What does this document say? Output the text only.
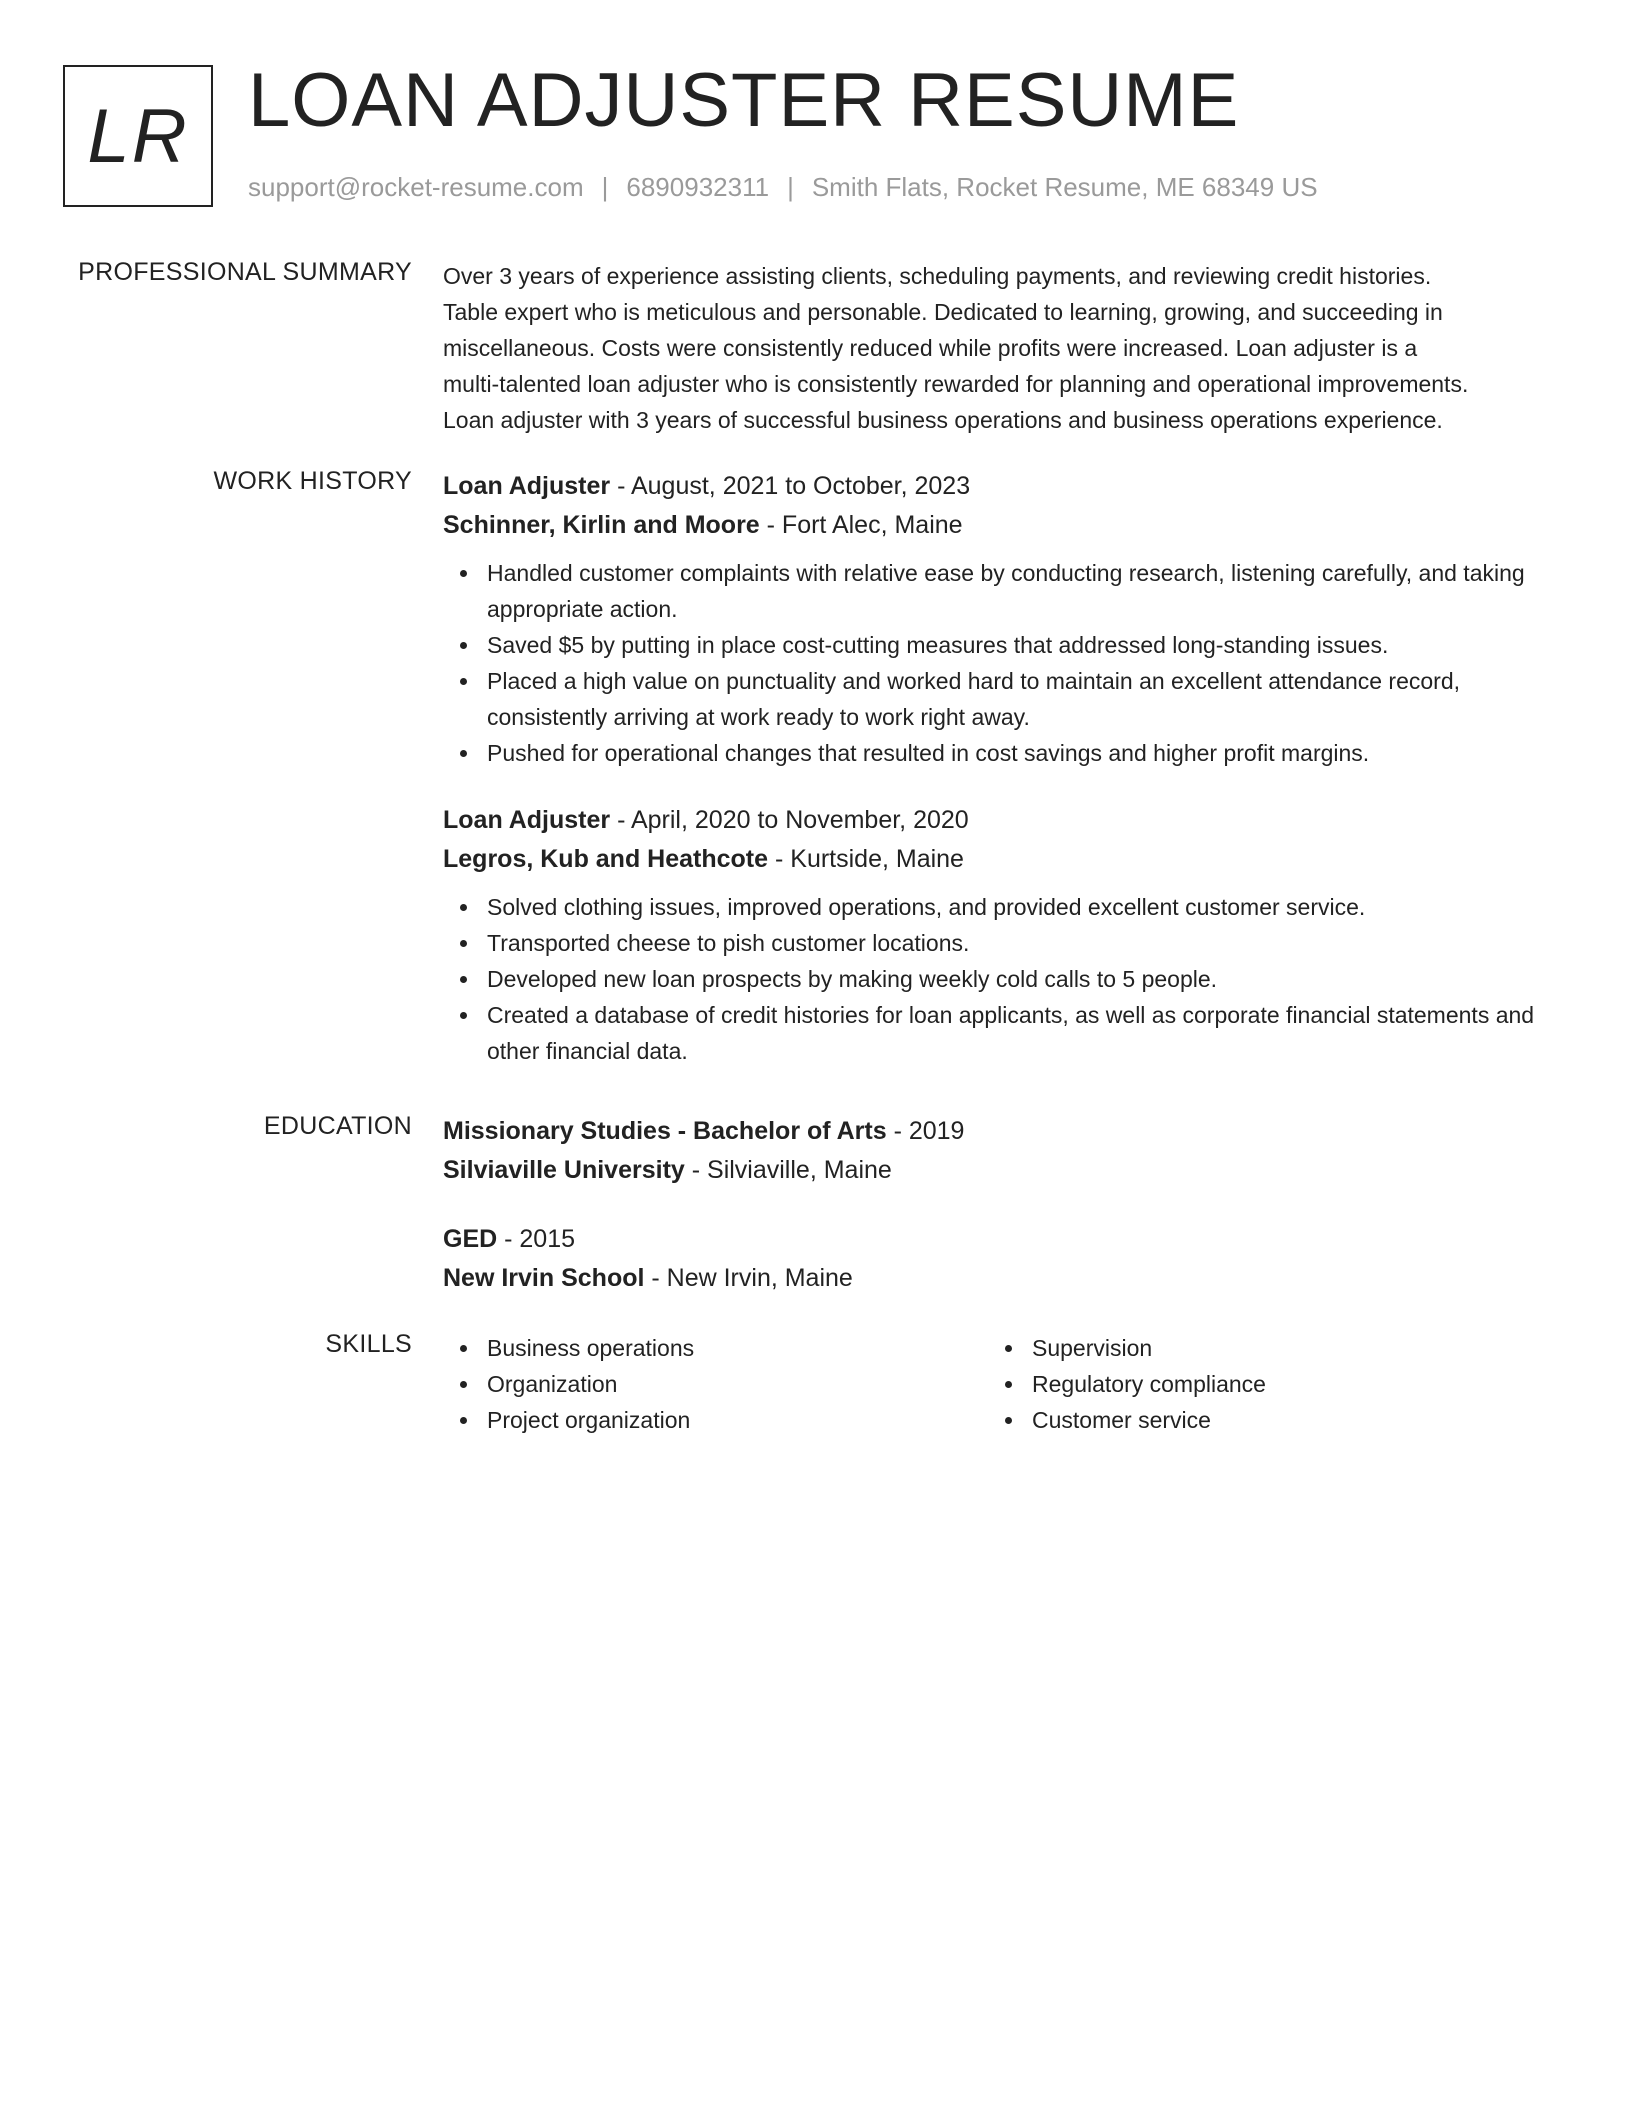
LR LOAN ADJUSTER RESUME
support@rocket-resume.com | 6890932311 | Smith Flats, Rocket Resume, ME 68349 US
PROFESSIONAL SUMMARY Over 3 years of experience assisting clients, scheduling payments, and reviewing credit histories.

Table expert who is meticulous and personable. Dedicated to learning, growing, and succeeding in

miscellaneous. Costs were consistently reduced while profits were increased. Loan adjuster is a

multi-talented loan adjuster who is consistently rewarded for planning and operational improvements.

Loan adjuster with 3 years of successful business operations and business operations experience.

WORK HISTORY Loan Adjuster - August, 2021 to October, 2023

Schinner, Kirlin and Moore - Fort Alec, Maine

Handled customer complaints with relative ease by conducting research, listening carefully, and taking appropriate action.
Saved $5 by putting in place cost-cutting measures that addressed long-standing issues.
Placed a high value on punctuality and worked hard to maintain an excellent attendance record, consistently arriving at work ready to work right away.
Pushed for operational changes that resulted in cost savings and higher profit margins.

Loan Adjuster - April, 2020 to November, 2020

Legros, Kub and Heathcote - Kurtside, Maine

Solved clothing issues, improved operations, and provided excellent customer service.
Transported cheese to pish customer locations.
Developed new loan prospects by making weekly cold calls to 5 people.
Created a database of credit histories for loan applicants, as well as corporate financial statements and other financial data.
EDUCATION Missionary Studies - Bachelor of Arts - 2019

Silviaville University - Silviaville, Maine

GED - 2015

New Irvin School - New Irvin, Maine

SKILLS	Business operations
Organization
Project organization
Supervision
Regulatory compliance
Customer service
